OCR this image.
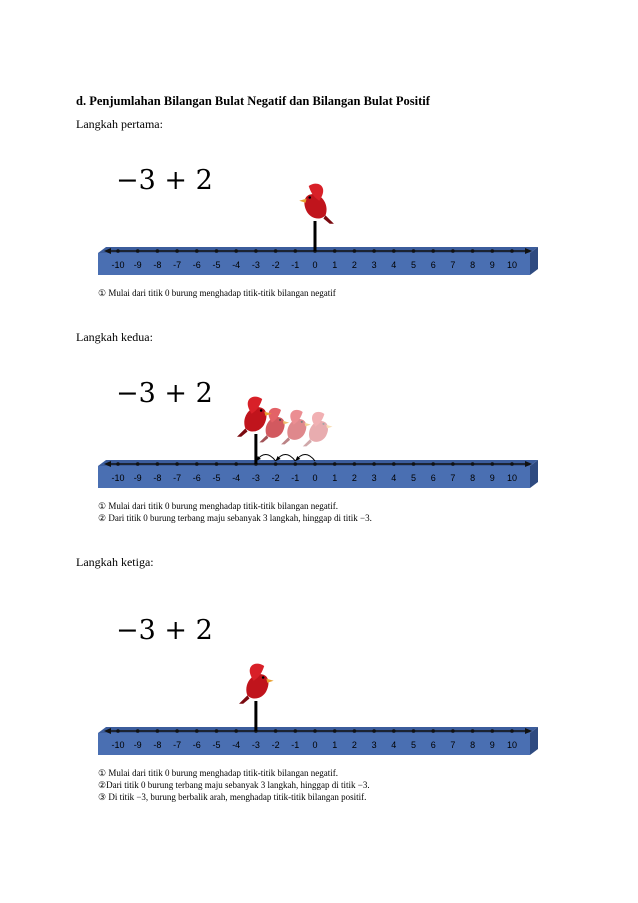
d. Penjumlahan Bilangan Bulat Negatif dan Bilangan Bulat Positif
Langkah pertama:
−3 + 2
-10 -9 -8 -7 -6 -5 -4 -3 -2 -1 0 1 2 3 4 5 6 7 8 9 10
① Mulai dari titik 0 burung menghadap titik-titik bilangan negatif
Langkah kedua:
−3 + 2
-10 -9 -8 -7 -6 -5 -4 -3 -2 -1 0 1 2 3 4 5 6 7 8 9 10
① Mulai dari titik 0 burung menghadap titik-titik bilangan negatif.
② Dari titik 0 burung terbang maju sebanyak 3 langkah, hinggap di titik −3.
Langkah ketiga:
−3 + 2
-10 -9 -8 -7 -6 -5 -4 -3 -2 -1 0 1 2 3 4 5 6 7 8 9 10
① Mulai dari titik 0 burung menghadap titik-titik bilangan negatif.
②Dari titik 0 burung terbang maju sebanyak 3 langkah, hinggap di titik −3.
③ Di titik −3, burung berbalik arah, menghadap titik-titik bilangan positif.
